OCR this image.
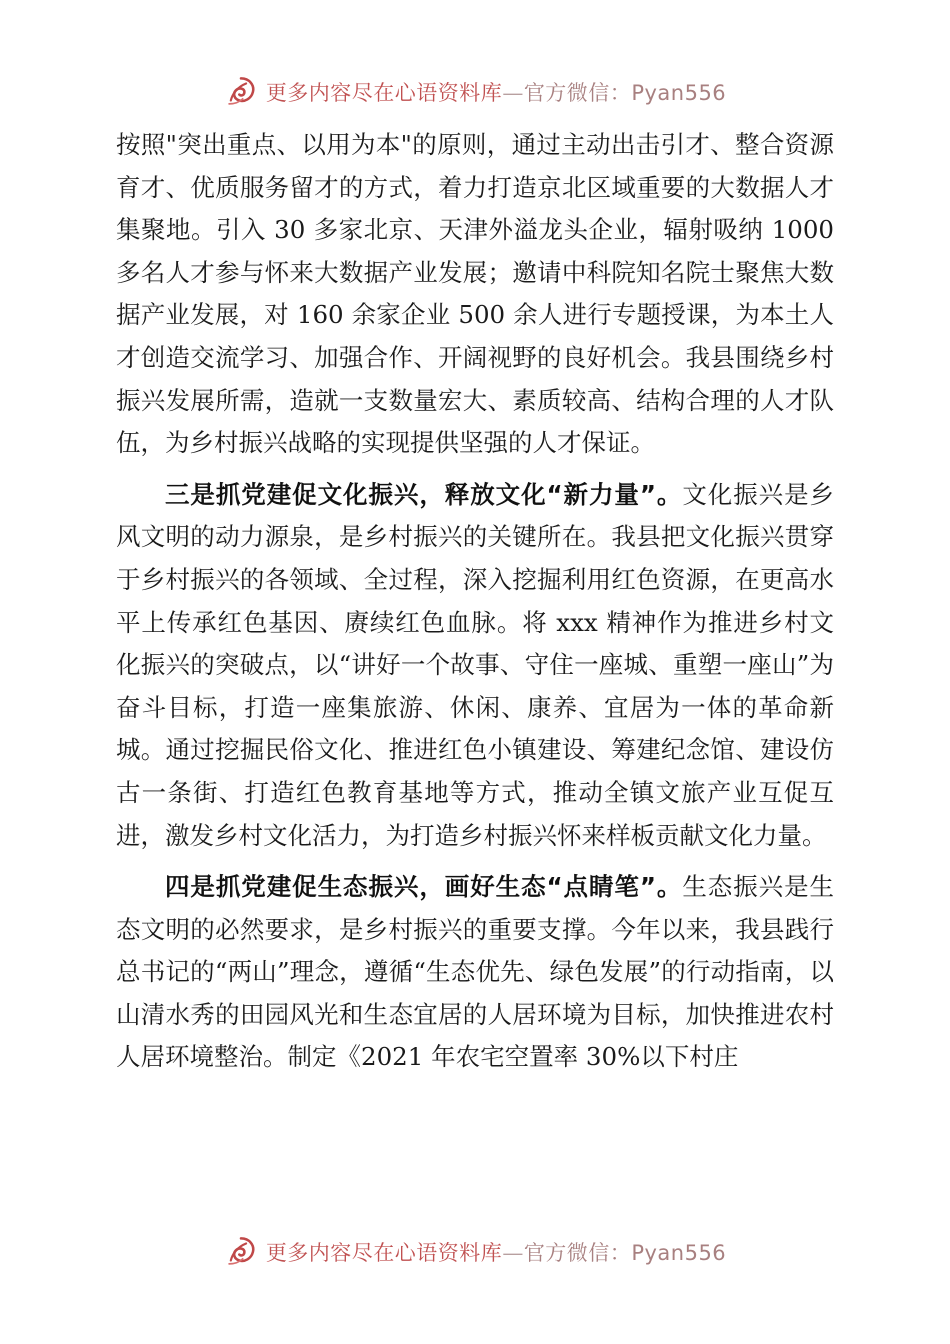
更多内容尽在心语资料库—官方微信：Pyan556

按照"突出重点、以用为本"的原则，通过主动出击引才、整合资源育才、优质服务留才的方式，着力打造京北区域重要的大数据人才集聚地。引入 30 多家北京、天津外溢龙头企业，辐射吸纳 1000 多名人才参与怀来大数据产业发展；邀请中科院知名院士聚焦大数据产业发展，对 160 余家企业 500 余人进行专题授课，为本土人才创造交流学习、加强合作、开阔视野的良好机会。我县围绕乡村振兴发展所需，造就一支数量宏大、素质较高、结构合理的人才队伍，为乡村振兴战略的实现提供坚强的人才保证。

三是抓党建促文化振兴，释放文化“新力量”。文化振兴是乡风文明的动力源泉，是乡村振兴的关键所在。我县把文化振兴贯穿于乡村振兴的各领域、全过程，深入挖掘利用红色资源，在更高水平上传承红色基因、赓续红色血脉。将 xxx 精神作为推进乡村文化振兴的突破点，以“讲好一个故事、守住一座城、重塑一座山”为奋斗目标，打造一座集旅游、休闲、康养、宜居为一体的革命新城。通过挖掘民俗文化、推进红色小镇建设、筹建纪念馆、建设仿古一条街、打造红色教育基地等方式，推动全镇文旅产业互促互进，激发乡村文化活力，为打造乡村振兴怀来样板贡献文化力量。

四是抓党建促生态振兴，画好生态“点睛笔”。生态振兴是生态文明的必然要求，是乡村振兴的重要支撑。今年以来，我县践行总书记的“两山”理念，遵循“生态优先、绿色发展”的行动指南，以山清水秀的田园风光和生态宜居的人居环境为目标，加快推进农村人居环境整治。制定《2021 年农宅空置率 30%以下村庄

更多内容尽在心语资料库—官方微信：Pyan556
